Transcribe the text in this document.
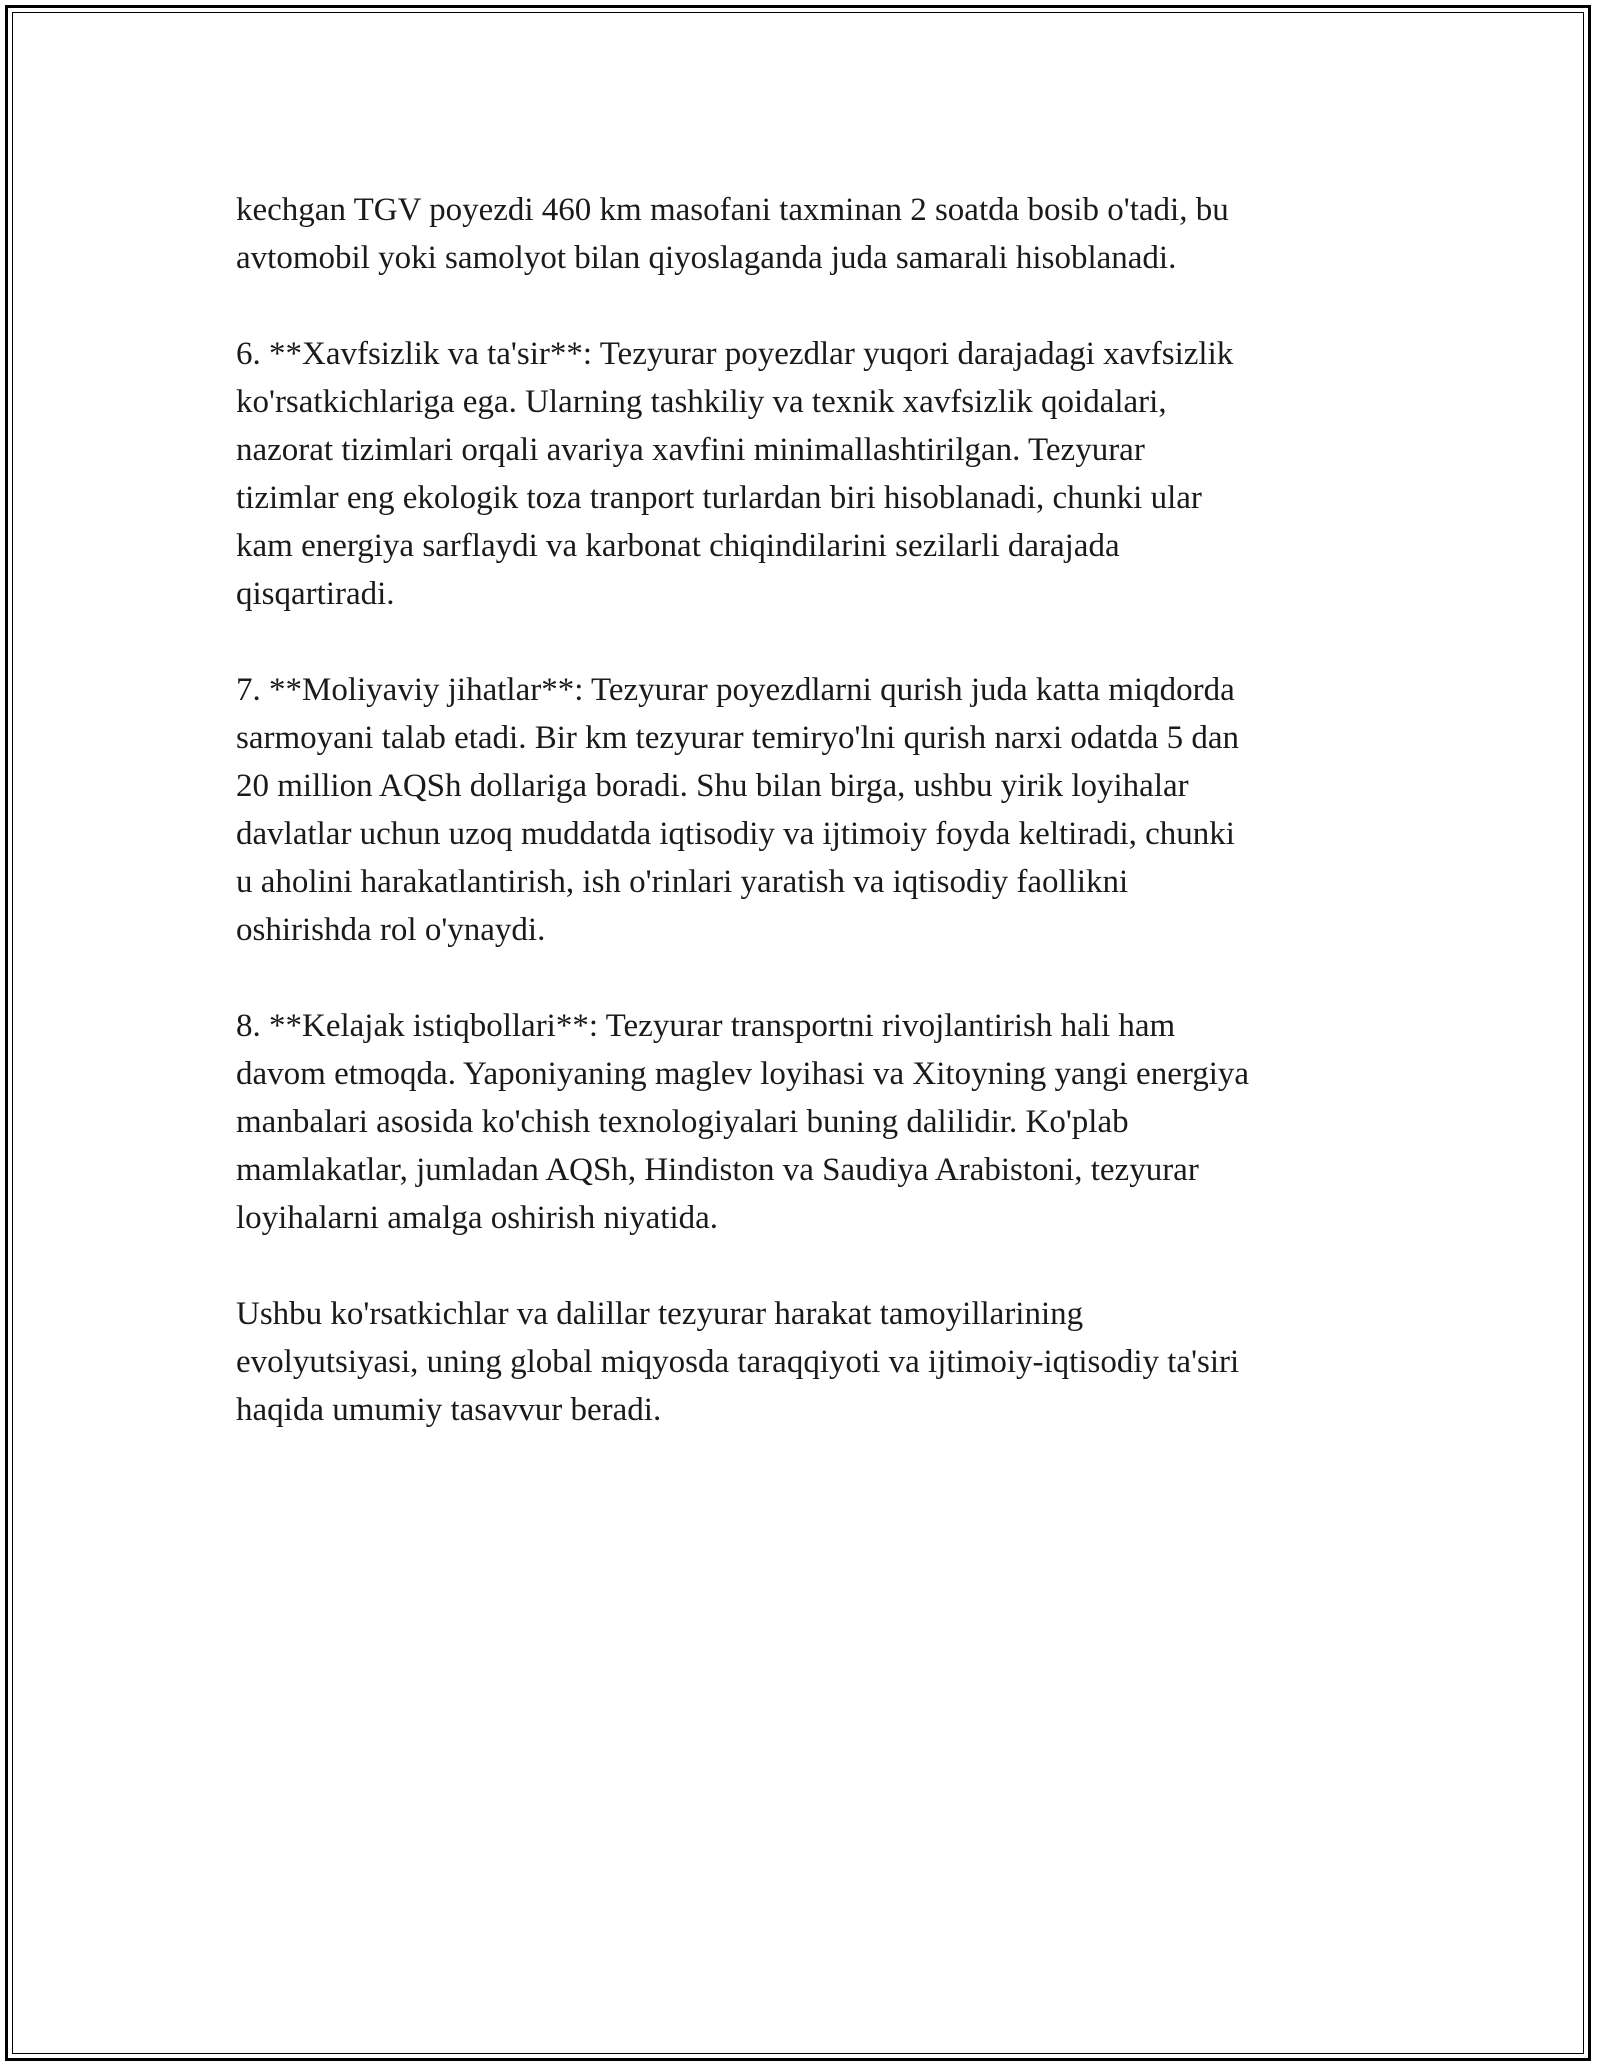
kechgan TGV poyezdi 460 km masofani taxminan 2 soatda bosib o'tadi, bu
avtomobil yoki samolyot bilan qiyoslaganda juda samarali hisoblanadi.

6. **Xavfsizlik va ta'sir**: Tezyurar poyezdlar yuqori darajadagi xavfsizlik
ko'rsatkichlariga ega. Ularning tashkiliy va texnik xavfsizlik qoidalari,
nazorat tizimlari orqali avariya xavfini minimallashtirilgan. Tezyurar
tizimlar eng ekologik toza tranport turlardan biri hisoblanadi, chunki ular
kam energiya sarflaydi va karbonat chiqindilarini sezilarli darajada
qisqartiradi.

7. **Moliyaviy jihatlar**: Tezyurar poyezdlarni qurish juda katta miqdorda
sarmoyani talab etadi. Bir km tezyurar temiryo'lni qurish narxi odatda 5 dan
20 million AQSh dollariga boradi. Shu bilan birga, ushbu yirik loyihalar
davlatlar uchun uzoq muddatda iqtisodiy va ijtimoiy foyda keltiradi, chunki
u aholini harakatlantirish, ish o'rinlari yaratish va iqtisodiy faollikni
oshirishda rol o'ynaydi.

8. **Kelajak istiqbollari**: Tezyurar transportni rivojlantirish hali ham
davom etmoqda. Yaponiyaning maglev loyihasi va Xitoyning yangi energiya
manbalari asosida ko'chish texnologiyalari buning dalilidir. Ko'plab
mamlakatlar, jumladan AQSh, Hindiston va Saudiya Arabistoni, tezyurar
loyihalarni amalga oshirish niyatida.

Ushbu ko'rsatkichlar va dalillar tezyurar harakat tamoyillarining
evolyutsiyasi, uning global miqyosda taraqqiyoti va ijtimoiy-iqtisodiy ta'siri
haqida umumiy tasavvur beradi.
